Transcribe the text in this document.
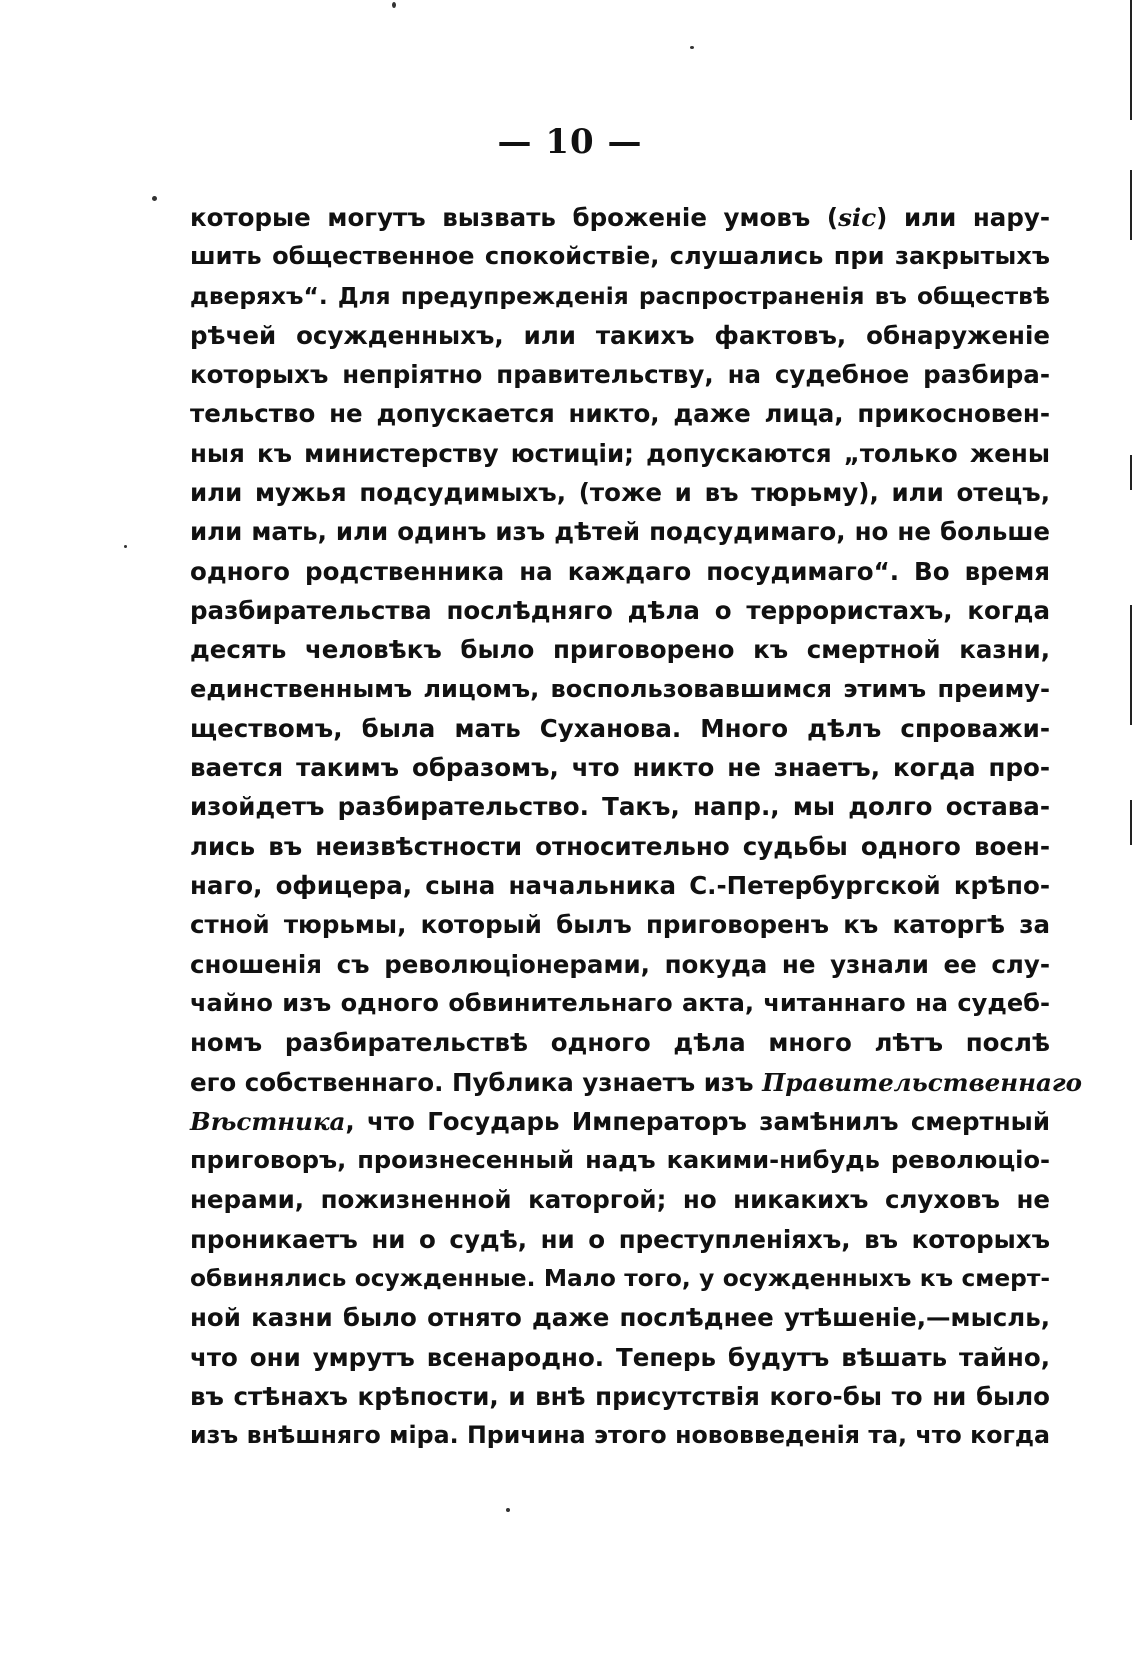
— 10 —
которые могутъ вызвать броженіе умовъ (sic) или нару-
шить общественное спокойствіе, слушались при закрытыхъ
дверяхъ“. Для предупрежденія распространенія въ обществѣ
рѣчей осужденныхъ, или такихъ фактовъ, обнаруженіе
которыхъ непріятно правительству, на судебное разбира-
тельство не допускается никто, даже лица, прикосновен-
ныя къ министерству юстиціи; допускаются „только жены
или мужья подсудимыхъ, (тоже и въ тюрьму), или отецъ,
или мать, или одинъ изъ дѣтей подсудимаго, но не больше
одного родственника на каждаго посудимаго“. Во время
разбирательства послѣдняго дѣла о террористахъ, когда
десять человѣкъ было приговорено къ смертной казни,
единственнымъ лицомъ, воспользовавшимся этимъ преиму-
ществомъ, была мать Суханова. Много дѣлъ спроважи-
вается такимъ образомъ, что никто не знаетъ, когда про-
изойдетъ разбирательство. Такъ, напр., мы долго остава-
лись въ неизвѣстности относительно судьбы одного воен-
наго, офицера, сына начальника С.-Петербургской крѣпо-
стной тюрьмы, который былъ приговоренъ къ каторгѣ за
сношенія съ революціонерами, покуда не узнали ее слу-
чайно изъ одного обвинительнаго акта, читаннаго на судеб-
номъ разбирательствѣ одного дѣла много лѣтъ послѣ
его собственнаго. Публика узнаетъ изъ Правительственнаго
Вѣстника, что Государь Императоръ замѣнилъ смертный
приговоръ, произнесенный надъ какими-нибудь революціо-
нерами, пожизненной каторгой; но никакихъ слуховъ не
проникаетъ ни о судѣ, ни о преступленіяхъ, въ которыхъ
обвинялись осужденные. Мало того, у осужденныхъ къ смерт-
ной казни было отнято даже послѣднее утѣшеніе,—мысль,
что они умрутъ всенародно. Теперь будутъ вѣшать тайно,
въ стѣнахъ крѣпости, и внѣ присутствія кого-бы то ни было
изъ внѣшняго міра. Причина этого нововведенія та, что когда
